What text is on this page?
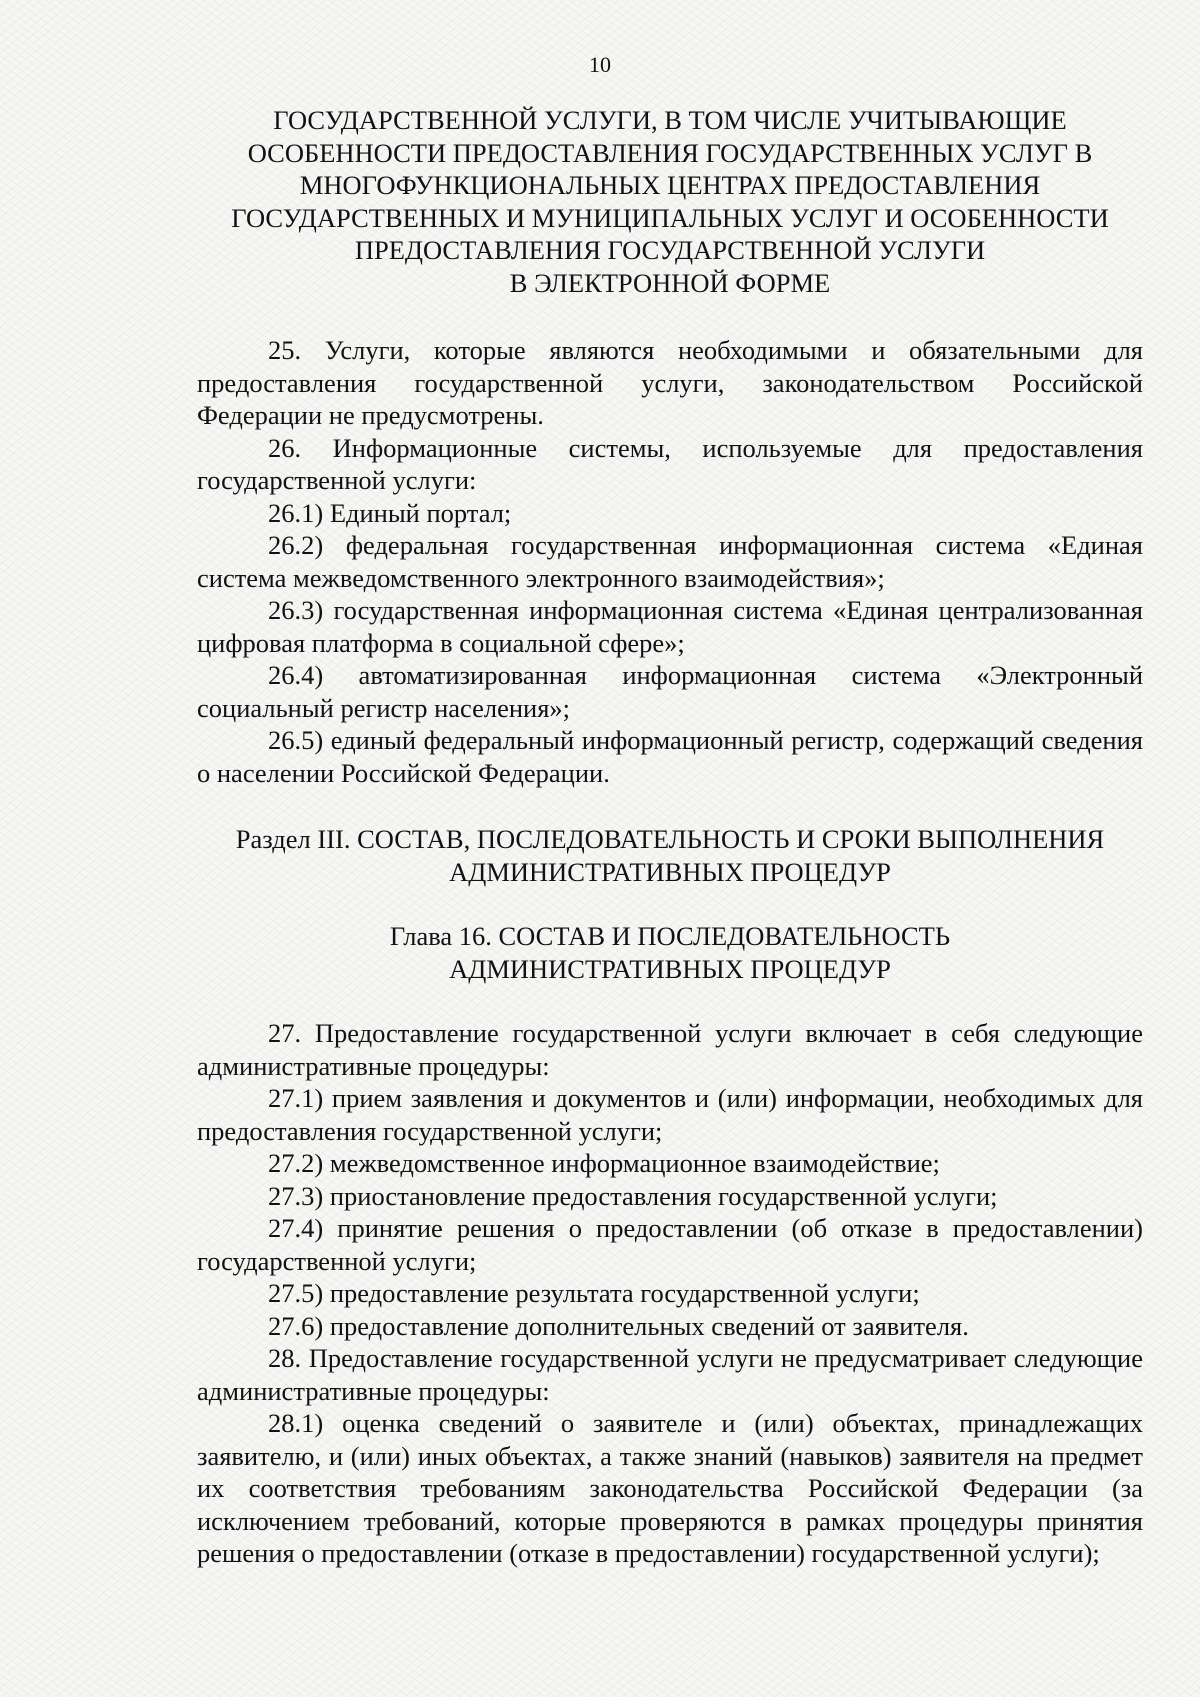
10
ГОСУДАРСТВЕННОЙ УСЛУГИ, В ТОМ ЧИСЛЕ УЧИТЫВАЮЩИЕ
ОСОБЕННОСТИ ПРЕДОСТАВЛЕНИЯ ГОСУДАРСТВЕННЫХ УСЛУГ В
МНОГОФУНКЦИОНАЛЬНЫХ ЦЕНТРАХ ПРЕДОСТАВЛЕНИЯ
ГОСУДАРСТВЕННЫХ И МУНИЦИПАЛЬНЫХ УСЛУГ И ОСОБЕННОСТИ
ПРЕДОСТАВЛЕНИЯ ГОСУДАРСТВЕННОЙ УСЛУГИ
В ЭЛЕКТРОННОЙ ФОРМЕ

25. Услуги, которые являются необходимыми и обязательными для предоставления государственной услуги, законодательством Российской Федерации не предусмотрены.

26. Информационные системы, используемые для предоставления государственной услуги:

26.1) Единый портал;

26.2) федеральная государственная информационная система «Единая система межведомственного электронного взаимодействия»;

26.3) государственная информационная система «Единая централизованная цифровая платформа в социальной сфере»;

26.4) автоматизированная информационная система «Электронный социальный регистр населения»;

26.5) единый федеральный информационный регистр, содержащий сведения о населении Российской Федерации.

Раздел III. СОСТАВ, ПОСЛЕДОВАТЕЛЬНОСТЬ И СРОКИ ВЫПОЛНЕНИЯ
АДМИНИСТРАТИВНЫХ ПРОЦЕДУР
Глава 16. СОСТАВ И ПОСЛЕДОВАТЕЛЬНОСТЬ
АДМИНИСТРАТИВНЫХ ПРОЦЕДУР

27. Предоставление государственной услуги включает в себя следующие административные процедуры:

27.1) прием заявления и документов и (или) информации, необходимых для предоставления государственной услуги;

27.2) межведомственное информационное взаимодействие;

27.3) приостановление предоставления государственной услуги;

27.4) принятие решения о предоставлении (об отказе в предоставлении) государственной услуги;

27.5) предоставление результата государственной услуги;

27.6) предоставление дополнительных сведений от заявителя.

28. Предоставление государственной услуги не предусматривает следующие административные процедуры:

28.1) оценка сведений о заявителе и (или) объектах, принадлежащих заявителю, и (или) иных объектах, а также знаний (навыков) заявителя на предмет их соответствия требованиям законодательства Российской Федерации (за исключением требований, которые проверяются в рамках процедуры принятия решения о предоставлении (отказе в предоставлении) государственной услуги);
